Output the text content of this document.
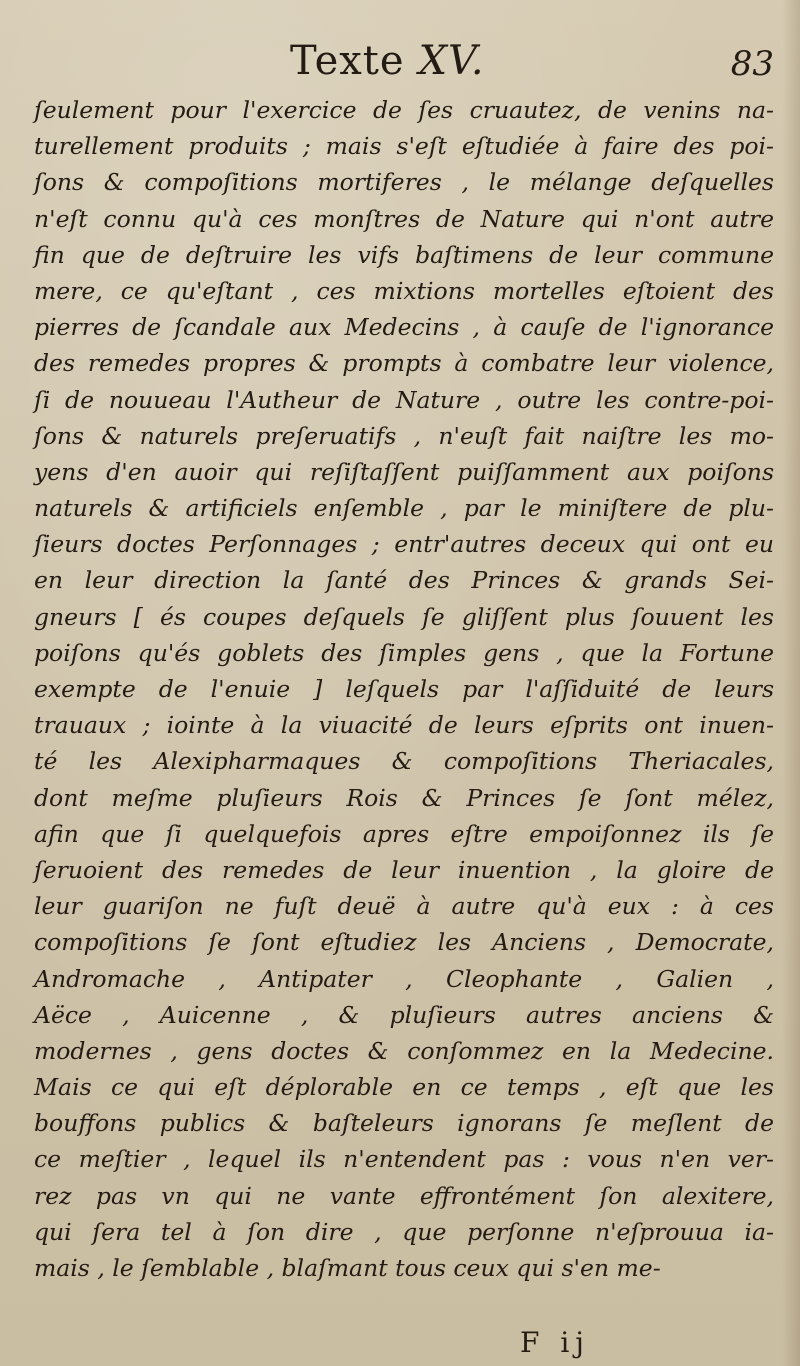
Texte XV.	83
ſeulement pour l'exercice de ſes cruautez, de venins na-
turellement produits ; mais s'eſt eſtudiée à faire des poi-
ſons & compoſitions mortiferes , le mélange deſquelles
n'eſt connu qu'à ces monſtres de Nature qui n'ont autre
fin que de deſtruire les vifs baſtimens de leur commune
mere, ce qu'eſtant , ces mixtions mortelles eſtoient des
pierres de ſcandale aux Medecins , à cauſe de l'ignorance
des remedes propres & prompts à combatre leur violence,
ſi de nouueau l'Autheur de Nature , outre les contre-poi-
ſons & naturels preſeruatifs , n'euſt fait naiſtre les mo-
yens d'en auoir qui reſiſtaſſent puiſſamment aux poiſons
naturels & artificiels enſemble , par le miniſtere de plu-
ſieurs doctes Perſonnages ; entr'autres deceux qui ont eu
en leur direction la ſanté des Princes & grands Sei-
gneurs [ és coupes deſquels ſe gliſſent plus ſouuent les
poiſons qu'és goblets des ſimples gens , que la Fortune
exempte de l'enuie ] leſquels par l'aſſiduité de leurs
trauaux ; iointe à la viuacité de leurs eſprits ont inuen-
té les Alexipharmaques & compoſitions Theriacales,
dont meſme pluſieurs Rois & Princes ſe ſont mélez,
afin que ſi quelquefois apres eſtre empoiſonnez ils ſe
ſeruoient des remedes de leur inuention , la gloire de
leur guariſon ne fuſt deuë à autre qu'à eux : à ces
compoſitions ſe ſont eſtudiez les Anciens , Democrate,
Andromache , Antipater , Cleophante , Galien ,
Aëce , Auicenne , & pluſieurs autres anciens &
modernes , gens doctes & conſommez en la Medecine.
Mais ce qui eſt déplorable en ce temps , eſt que les
bouffons publics & baſteleurs ignorans ſe meſlent de
ce meſtier , lequel ils n'entendent pas : vous n'en ver-
rez pas vn qui ne vante effrontément ſon alexitere,
qui ſera tel à ſon dire , que perſonne n'eſprouua ia-
mais , le ſemblable , blaſmant tous ceux qui s'en me-
F ij
